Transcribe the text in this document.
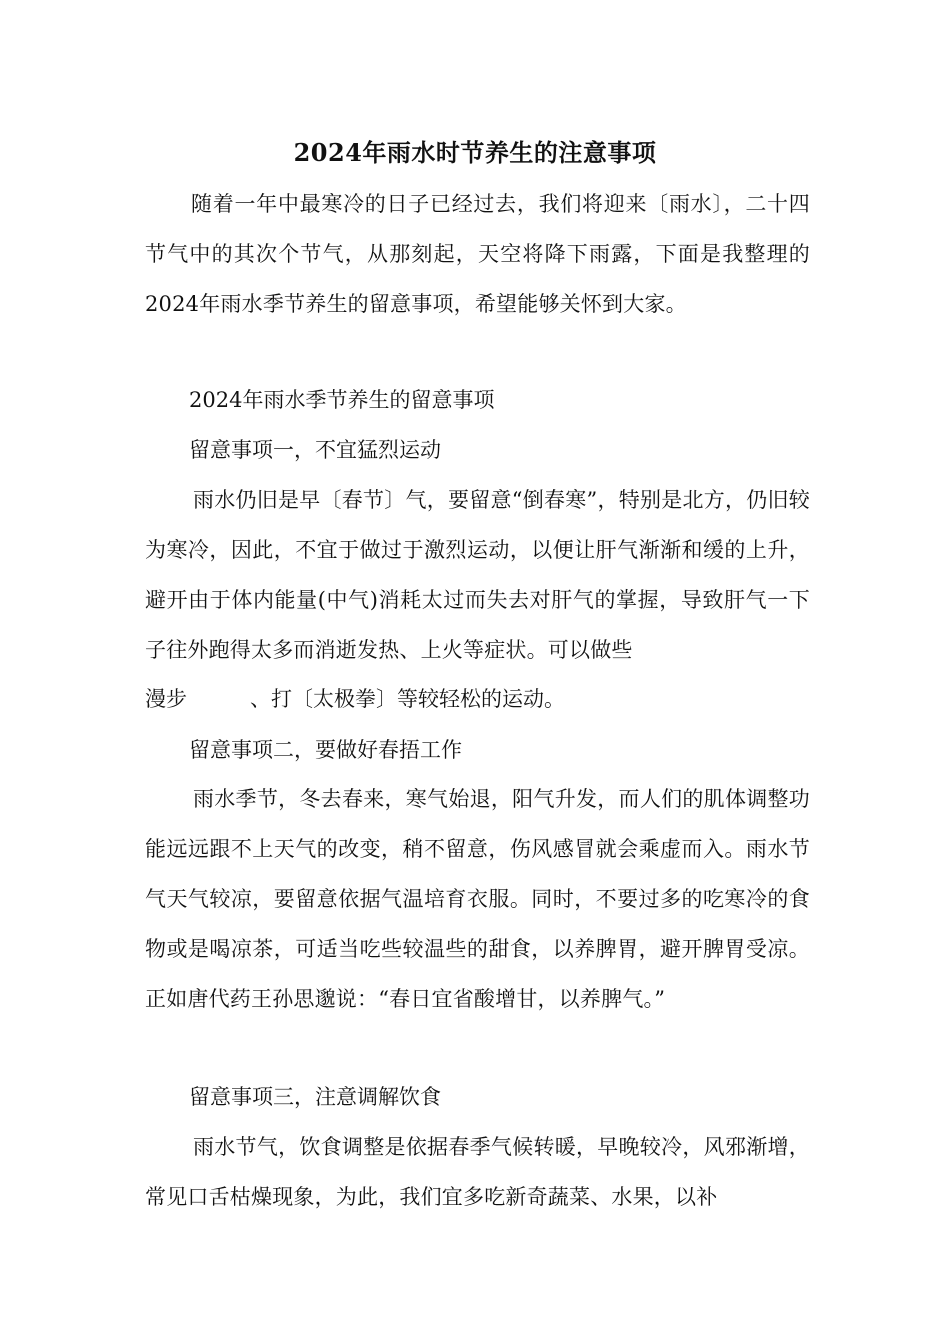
2024年雨水时节养生的注意事项

随着一年中最寒冷的日子已经过去，我们将迎来〔雨水〕，二十四节气中的其次个节气，从那刻起，天空将降下雨露，下面是我整理的2024年雨水季节养生的留意事项，希望能够关怀到大家。

2024年雨水季节养生的留意事项

留意事项一，不宜猛烈运动

雨水仍旧是早〔春节〕气，要留意“倒春寒”，特别是北方，仍旧较为寒冷，因此，不宜于做过于激烈运动，以便让肝气渐渐和缓的上升，避开由于体内能量(中气)消耗太过而失去对肝气的掌握，导致肝气一下子往外跑得太多而消逝发热、上火等症状。可以做些

漫步　　　、打〔太极拳〕等较轻松的运动。

留意事项二，要做好春捂工作

雨水季节，冬去春来，寒气始退，阳气升发，而人们的肌体调整功能远远跟不上天气的改变，稍不留意，伤风感冒就会乘虚而入。雨水节气天气较凉，要留意依据气温培育衣服。同时，不要过多的吃寒冷的食物或是喝凉茶，可适当吃些较温些的甜食，以养脾胃，避开脾胃受凉。正如唐代药王孙思邈说：“春日宜省酸增甘，以养脾气。”

留意事项三，注意调解饮食

雨水节气，饮食调整是依据春季气候转暖，早晚较冷，风邪渐增，常见口舌枯燥现象，为此，我们宜多吃新奇蔬菜、水果，以补
